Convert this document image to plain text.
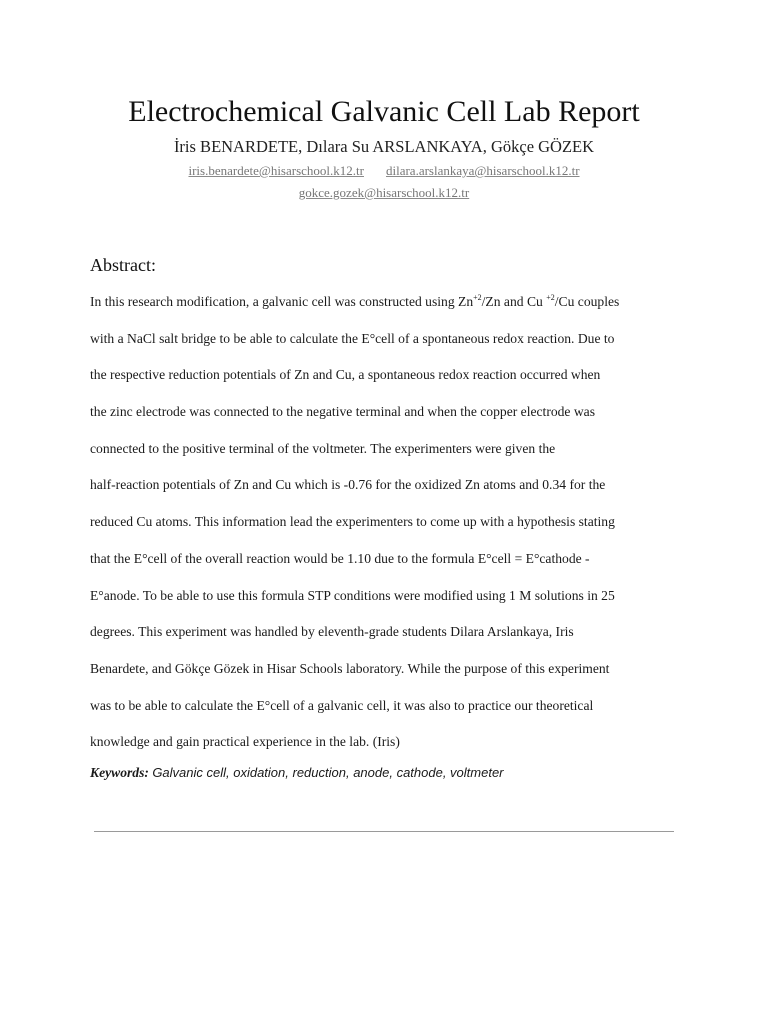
Electrochemical Galvanic Cell Lab Report
İris BENARDETE, Dılara Su ARSLANKAYA, Gökçe GÖZEK
iris.benardete@hisarschool.k12.tr dilara.arslankaya@hisarschool.k12.tr
gokce.gozek@hisarschool.k12.tr
Abstract:
In this research modification, a galvanic cell was constructed using $Zn^{+2}/Zn$ and Cu $^{+2}$/Cu couples
with a NaCl salt bridge to be able to calculate the E°cell of a spontaneous redox reaction. Due to
the respective reduction potentials of Zn and Cu, a spontaneous redox reaction occurred when
the zinc electrode was connected to the negative terminal and when the copper electrode was
connected to the positive terminal of the voltmeter. The experimenters were given the
half-reaction potentials of Zn and Cu which is -0.76 for the oxidized Zn atoms and 0.34 for the
reduced Cu atoms. This information lead the experimenters to come up with a hypothesis stating
that the E°cell of the overall reaction would be 1.10 due to the formula E°cell = E°cathode -
E°anode. To be able to use this formula STP conditions were modified using 1 M solutions in 25
degrees. This experiment was handled by eleventh-grade students Dilara Arslankaya, Iris
Benardete, and Gökçe Gözek in Hisar Schools laboratory. While the purpose of this experiment
was to be able to calculate the E°cell of a galvanic cell, it was also to practice our theoretical
knowledge and gain practical experience in the lab. (Iris)
Keywords: Galvanic cell, oxidation, reduction, anode, cathode, voltmeter
